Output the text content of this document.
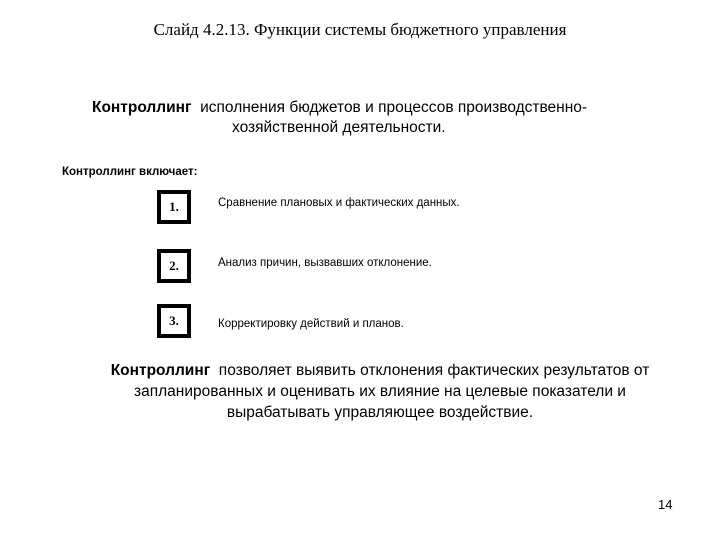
Слайд 4.2.13. Функции системы бюджетного управления
Контроллинг исполнения бюджетов и процессов производственно-
хозяйственной деятельности.
Контроллинг включает:
1.	Сравнение плановых и фактических данных.
2.	Анализ причин, вызвавших отклонение.
3.	Корректировку действий и планов.
Контроллинг позволяет выявить отклонения фактических результатов от
запланированных и оценивать их влияние на целевые показатели и
вырабатывать управляющее воздействие.
14
